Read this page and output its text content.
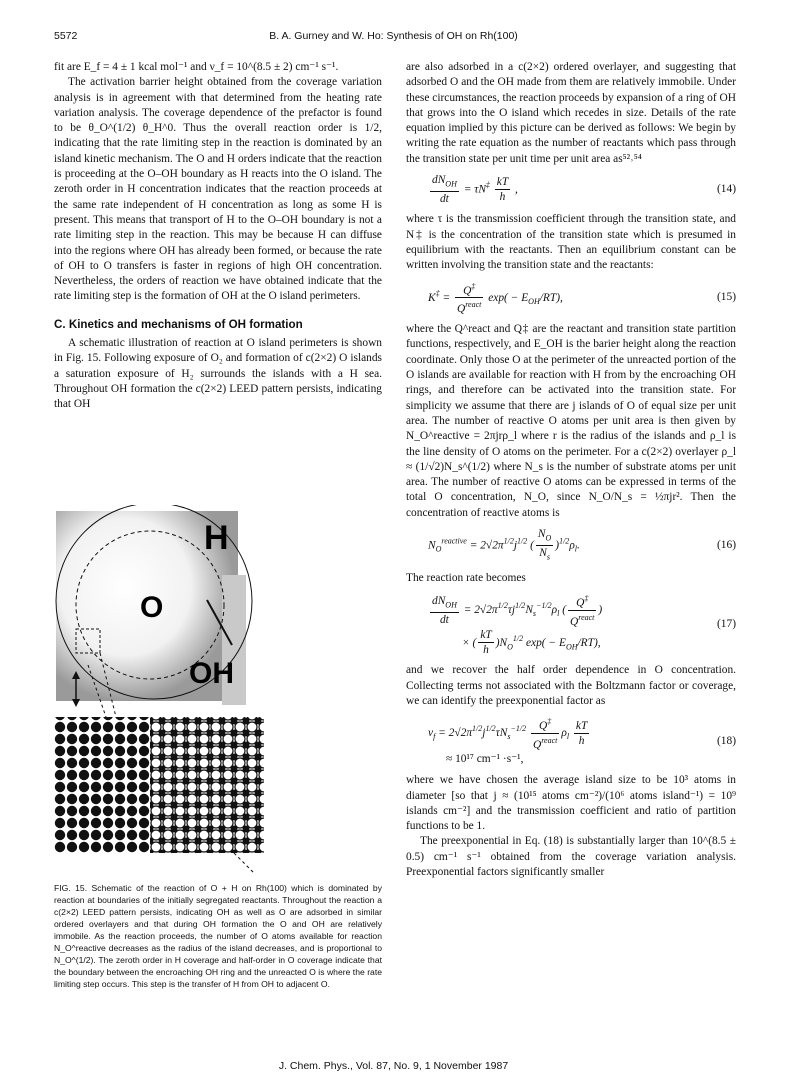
5572	B. A. Gurney and W. Ho: Synthesis of OH on Rh(100)

fit are E_f = 4 ± 1 kcal mol⁻¹ and ν_f = 10^(8.5 ± 2) cm⁻¹ s⁻¹.

The activation barrier height obtained from the coverage variation analysis is in agreement with that determined from the heating rate variation analysis. The coverage dependence of the prefactor is found to be θ_O^(1/2) θ_H^0. Thus the overall reaction order is 1/2, indicating that the rate limiting step in the reaction is dominated by an island kinetic mechanism. The O and H orders indicate that the reaction is proceeding at the O–OH boundary as H reacts into the O island. The zeroth order in H concentration indicates that the reaction proceeds at the same rate independent of H concentration as long as some H is present. This means that transport of H to the O–OH boundary is not a rate limiting step in the reaction. This may be because H can diffuse into the regions where OH has already been formed, or because the rate of OH to O transfers is faster in regions of high OH concentration. Nevertheless, the orders of reaction we have obtained indicate that the rate limiting step is the formation of OH at the O island perimeters.

C. Kinetics and mechanisms of OH formation

A schematic illustration of reaction at O island perimeters is shown in Fig. 15. Following exposure of O₂ and formation of c(2×2) O islands a saturation exposure of H₂ surrounds the islands with a H sea. Throughout OH formation the c(2×2) LEED pattern persists, indicating that OH

H
O
OH
FIG. 15. Schematic of the reaction of O + H on Rh(100) which is dominated by reaction at boundaries of the initially segregated reactants. Throughout the reaction a c(2×2) LEED pattern persists, indicating OH as well as O are adsorbed in similar ordered overlayers and that during OH formation the O and OH are relatively immobile. As the reaction proceeds, the number of O atoms available for reaction N_O^reactive decreases as the radius of the island decreases, and is proportional to N_O^(1/2). The zeroth order in H coverage and half-order in O coverage indicate that the boundary between the encroaching OH ring and the unreacted O is where the rate limiting step occurs. This step is the transfer of H from OH to adjacent O.

are also adsorbed in a c(2×2) ordered overlayer, and suggesting that adsorbed O and the OH made from them are relatively immobile. Under these circumstances, the reaction proceeds by expansion of a ring of OH that grows into the O island which recedes in size. Details of the rate equation implied by this picture can be derived as follows: We begin by writing the rate equation as the number of reactants which pass through the transition state per unit time per unit area as⁵²˒⁵⁴

$\frac{dN_{OH}}{dt} = \tau N^\ddagger \frac{kT}{h}$ ,	(14)

where τ is the transmission coefficient through the transition state, and N‡ is the concentration of the transition state which is presumed in equilibrium with the reactants. Then an equilibrium constant can be written involving the transition state and the reactants:

$K^\ddagger = \frac{Q^\ddagger}{Q^{react}} \exp( - E_{OH}/RT)$,	(15)

where the Q^react and Q‡ are the reactant and transition state partition functions, respectively, and E_OH is the barier height along the reaction coordinate. Only those O at the perimeter of the unreacted portion of the O islands are available for reaction with H from by the encroaching OH rings, and therefore can be activated into the transition state. For simplicity we assume that there are j islands of O of equal size per unit area. The number of reactive O atoms per unit area is then given by N_O^reactive = 2πjrρ_l where r is the radius of the islands and ρ_l is the line density of O atoms on the perimeter. For a c(2×2) overlayer ρ_l ≈ (1/√2)N_s^(1/2) where N_s is the number of substrate atoms per unit area. The number of reactive O atoms can be expressed in terms of the total O concentration, N_O, since N_O/N_s = ½πjr². Then the concentration of reactive atoms is

$N_O^{reactive} = 2√2\pi^{1/2}j^{1/2}$ ( $\frac{N_O}{N_s} )^{1/2}\rho_l$.	(16)

The reaction rate becomes

$\frac{dN_{OH}}{dt} = 2√2\pi^{1/2}\tau j^{1/2}N_s^{-1/2}\rho_l$ ( $\frac{Q^\ddagger}{Q^{react}}$ )
× ( $\frac{kT}{h} )N_O^{1/2}$ $\exp( - E_{OH}/RT)$,
(17)

and we recover the half order dependence in O concentration. Collecting terms not associated with the Boltzmann factor or coverage, we can identify the preexponential factor as

$\nu_f = 2√2\pi^{1/2}j^{1/2}\tau N_s^{-1/2} \frac{Q^\ddagger}{Q^{react}} \rho_l \frac{kT}{h}$

≈ 10¹⁷ cm⁻¹ ·s⁻¹,
(18)

where we have chosen the average island size to be 10³ atoms in diameter [so that j ≈ (10¹⁵ atoms cm⁻²)/(10⁶ atoms island⁻¹) = 10⁹ islands cm⁻²] and the transmission coefficient and ratio of partition functions to be 1.

The preexponential in Eq. (18) is substantially larger than 10^(8.5 ± 0.5) cm⁻¹ s⁻¹ obtained from the coverage variation analysis. Preexponential factors significantly smaller

J. Chem. Phys., Vol. 87, No. 9, 1 November 1987
